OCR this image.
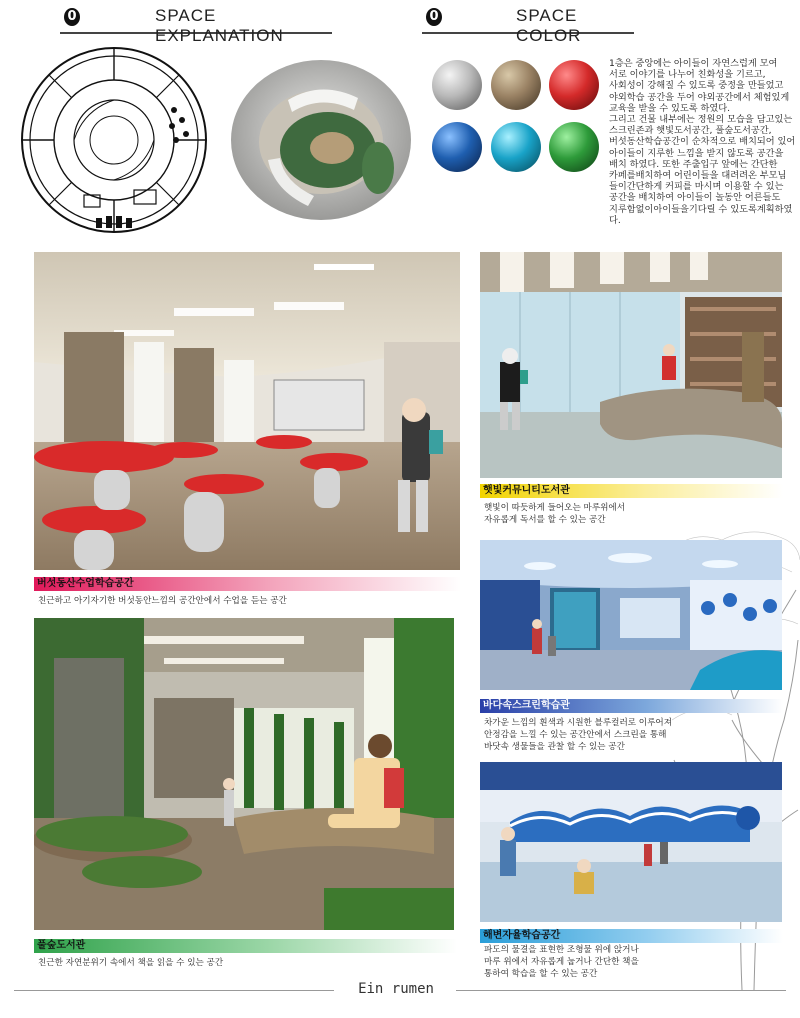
0	SPACE EXPLANATION
0	SPACE COLOR
1층은 중앙에는 아이들이 자연스럽게 모여
서로 이야기를 나누어 친화성을 기르고,
사회성이 강해질 수 있도록 중정을 만들었고
야외학습 공간을 두어 야외공간에서 체험있게
교육을 받을 수 있도록 하였다.
그리고 건물 내부에는 정원의 모습을 담고있는
스크린존과 햇빛도서공간, 풀숲도서공간,
버섯동산학습공간이 순차적으로 배치되어 있어
아이들이 지루한 느낌을 받지 않도록 공간을
배치 하였다. 또한 주출입구 앞에는 간단한
카페를배치하여 어린이들을 대려려온 부모님
들이간단하게 커피를 마시며 이용할 수 있는
공간을 배치하여 아이들이 놀동안 어른들도
지루함없이아이들을기다릴 수 있도록계획하였다.
버섯동산수업학습공간
친근하고 아기자기한 버섯동안느낌의 공간안에서 수업을 듣는 공간
햇빛커뮤니티도서관
햇빛이 따듯하게 들어오는 마루위에서
자유롭게 독서를 할 수 있는 공간
바다속스크린학습관
차가운 느낌의 흰색과 시원한 블루컬러로 이루어져
안정감을 느낄 수 있는 공간안에서 스크린을 통해
바닷속 생물들을 관찰 할 수 있는 공간
풀숲도서관
친근한 자연분위기 속에서 책을 읽을 수 있는 공간
해변자율학습공간
파도의 물결을 표현한 조형물 위에 앉거나
마루 위에서 자유롭게 눕거나 간단한 책을
통하여 학습을 할 수 있는 공간
Ein rumen
